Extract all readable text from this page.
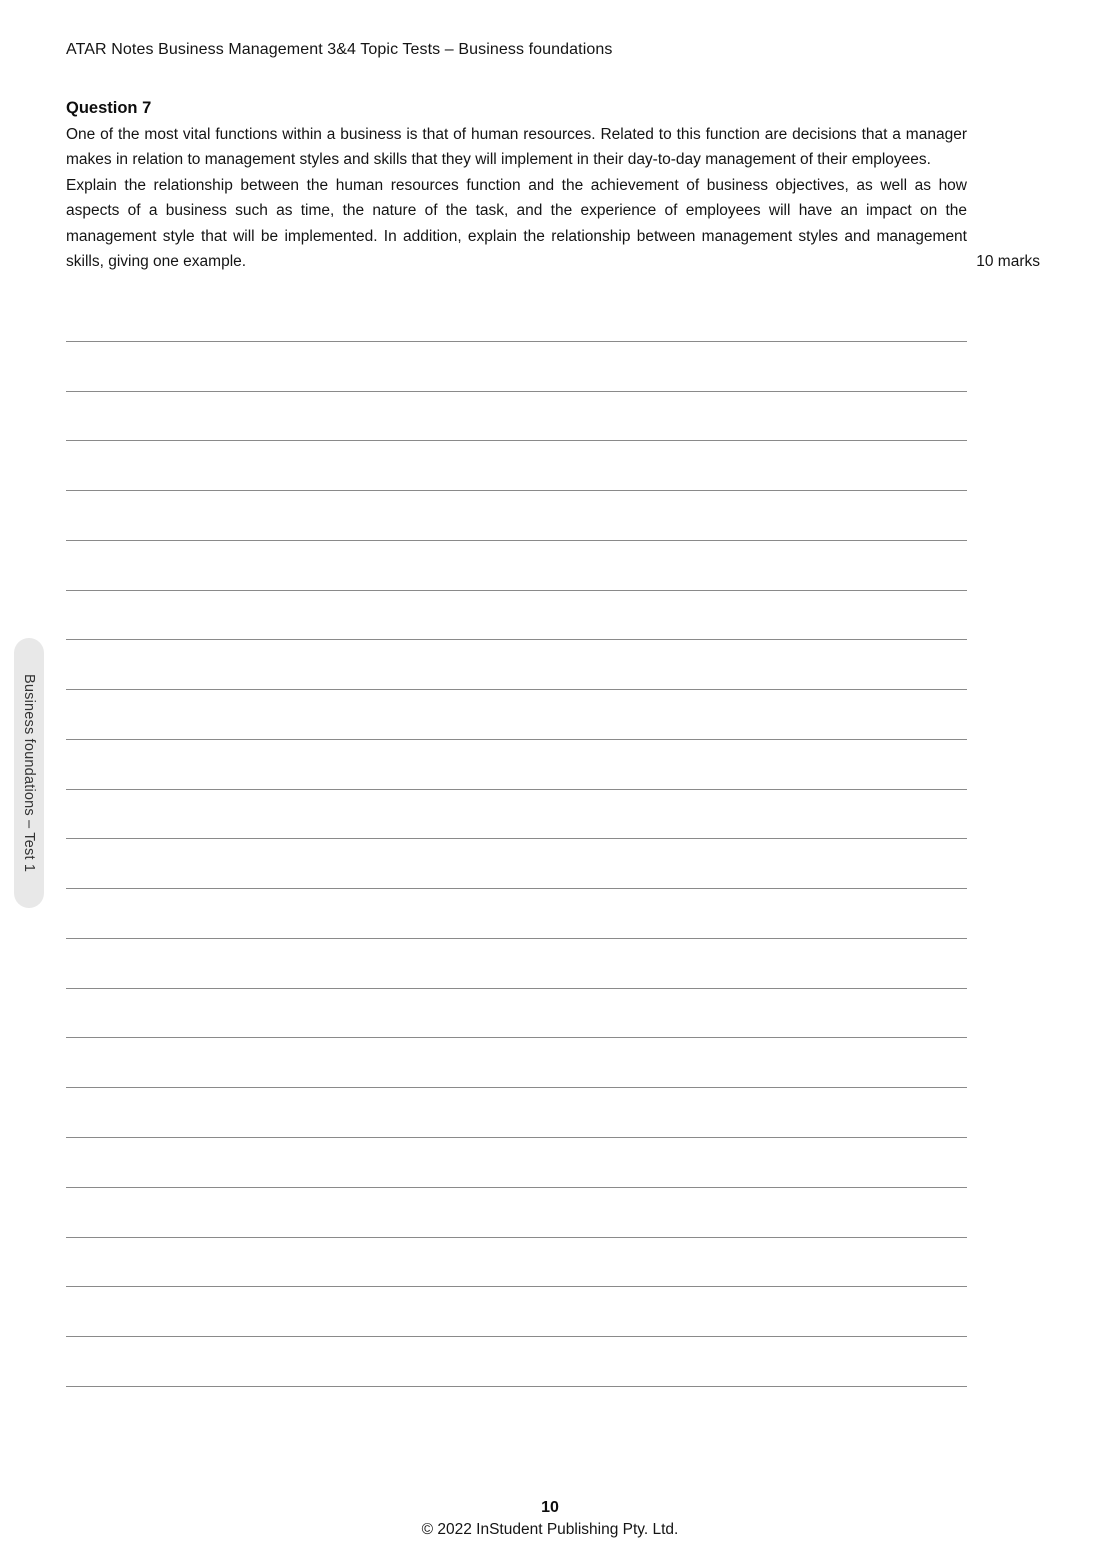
ATAR Notes Business Management 3&4 Topic Tests – Business foundations
Question 7
One of the most vital functions within a business is that of human resources. Related to this function are decisions that a manager makes in relation to management styles and skills that they will implement in their day-to-day management of their employees.
Explain the relationship between the human resources function and the achievement of business objectives, as well as how aspects of a business such as time, the nature of the task, and the experience of employees will have an impact on the management style that will be implemented. In addition, explain the relationship between management styles and management skills, giving one example.	10 marks
Business foundations – Test 1
10
© 2022 InStudent Publishing Pty. Ltd.
